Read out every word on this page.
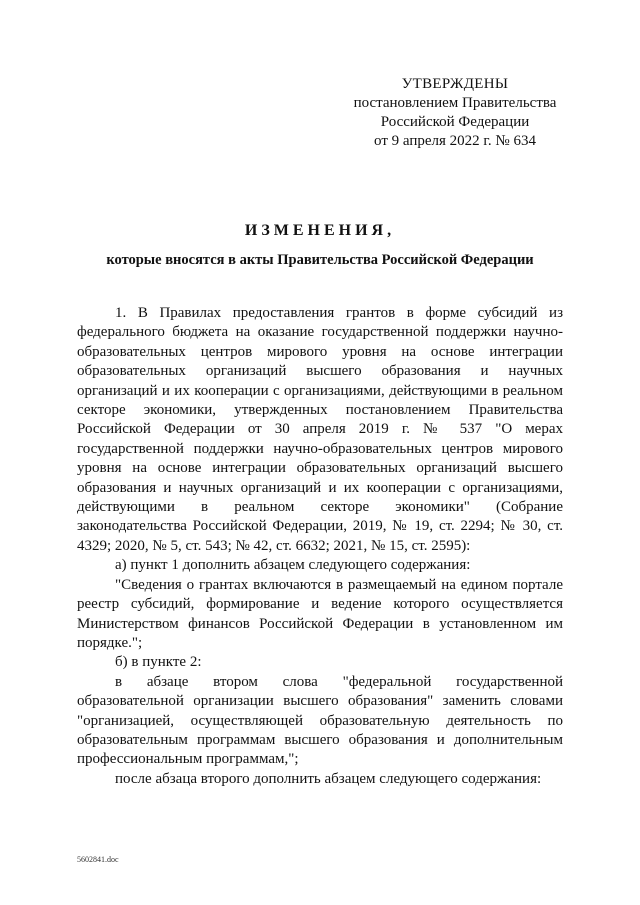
УТВЕРЖДЕНЫ
постановлением Правительства
Российской Федерации
от 9 апреля 2022 г. № 634
ИЗМЕНЕНИЯ,
которые вносятся в акты Правительства Российской Федерации

1. В Правилах предоставления грантов в форме субсидий из федерального бюджета на оказание государственной поддержки научно-образовательных центров мирового уровня на основе интеграции образовательных организаций высшего образования и научных организаций и их кооперации с организациями, действующими в реальном секторе экономики, утвержденных постановлением Правительства Российской Федерации от 30 апреля 2019 г. № 537 "О мерах государственной поддержки научно-образовательных центров мирового уровня на основе интеграции образовательных организаций высшего образования и научных организаций и их кооперации с организациями, действующими в реальном секторе экономики" (Собрание законодательства Российской Федерации, 2019, № 19, ст. 2294; № 30, ст. 4329; 2020, № 5, ст. 543; № 42, ст. 6632; 2021, № 15, ст. 2595):

а) пункт 1 дополнить абзацем следующего содержания:

"Сведения о грантах включаются в размещаемый на едином портале реестр субсидий, формирование и ведение которого осуществляется Министерством финансов Российской Федерации в установленном им порядке.";

б) в пункте 2:

в абзаце втором слова "федеральной государственной образовательной организации высшего образования" заменить словами "организацией, осуществляющей образовательную деятельность по образовательным программам высшего образования и дополнительным профессиональным программам,";

после абзаца второго дополнить абзацем следующего содержания:

5602841.doc
